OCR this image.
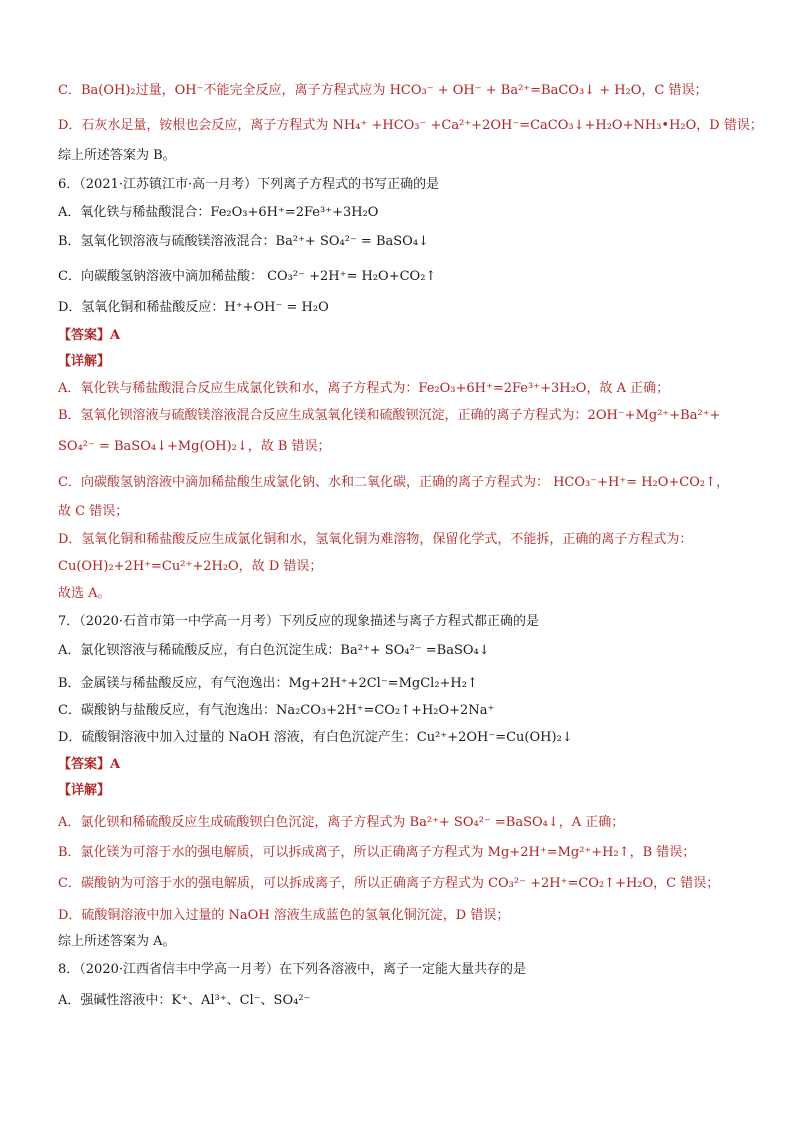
C．Ba(OH)₂过量，OH⁻不能完全反应，离子方程式应为 HCO₃⁻ + OH⁻ + Ba²⁺=BaCO₃↓ + H₂O，C 错误；
D．石灰水足量，铵根也会反应，离子方程式为 NH₄⁺ +HCO₃⁻ +Ca²⁺+2OH⁻=CaCO₃↓+H₂O+NH₃•H₂O，D 错误；
综上所述答案为 B。
6．（2021·江苏镇江市·高一月考）下列离子方程式的书写正确的是
A．氧化铁与稀盐酸混合：Fe₂O₃+6H⁺=2Fe³⁺+3H₂O
B．氢氧化钡溶液与硫酸镁溶液混合：Ba²⁺+ SO₄²⁻ = BaSO₄↓
C．向碳酸氢钠溶液中滴加稀盐酸： CO₃²⁻ +2H⁺= H₂O+CO₂↑
D．氢氧化铜和稀盐酸反应：H⁺+OH⁻ = H₂O
【答案】A
【详解】
A．氧化铁与稀盐酸混合反应生成氯化铁和水，离子方程式为：Fe₂O₃+6H⁺=2Fe³⁺+3H₂O，故 A 正确；
B．氢氧化钡溶液与硫酸镁溶液混合反应生成氢氧化镁和硫酸钡沉淀，正确的离子方程式为：2OH⁻+Mg²⁺+Ba²⁺+
SO₄²⁻ = BaSO₄↓+Mg(OH)₂↓，故 B 错误；
C．向碳酸氢钠溶液中滴加稀盐酸生成氯化钠、水和二氧化碳，正确的离子方程式为： HCO₃⁻+H⁺= H₂O+CO₂↑，
故 C 错误；
D．氢氧化铜和稀盐酸反应生成氯化铜和水，氢氧化铜为难溶物，保留化学式，不能拆，正确的离子方程式为：
Cu(OH)₂+2H⁺=Cu²⁺+2H₂O，故 D 错误；
故选 A。
7．（2020·石首市第一中学高一月考）下列反应的现象描述与离子方程式都正确的是
A．氯化钡溶液与稀硫酸反应，有白色沉淀生成：Ba²⁺+ SO₄²⁻ =BaSO₄↓
B．金属镁与稀盐酸反应，有气泡逸出：Mg+2H⁺+2Cl⁻=MgCl₂+H₂↑
C．碳酸钠与盐酸反应，有气泡逸出：Na₂CO₃+2H⁺=CO₂↑+H₂O+2Na⁺
D．硫酸铜溶液中加入过量的 NaOH 溶液，有白色沉淀产生：Cu²⁺+2OH⁻=Cu(OH)₂↓
【答案】A
【详解】
A．氯化钡和稀硫酸反应生成硫酸钡白色沉淀，离子方程式为 Ba²⁺+ SO₄²⁻ =BaSO₄↓，A 正确；
B．氯化镁为可溶于水的强电解质，可以拆成离子，所以正确离子方程式为 Mg+2H⁺=Mg²⁺+H₂↑，B 错误；
C．碳酸钠为可溶于水的强电解质，可以拆成离子，所以正确离子方程式为 CO₃²⁻ +2H⁺=CO₂↑+H₂O，C 错误；
D．硫酸铜溶液中加入过量的 NaOH 溶液生成蓝色的氢氧化铜沉淀，D 错误；
综上所述答案为 A。
8．（2020·江西省信丰中学高一月考）在下列各溶液中，离子一定能大量共存的是
A．强碱性溶液中：K⁺、Al³⁺、Cl⁻、SO₄²⁻
